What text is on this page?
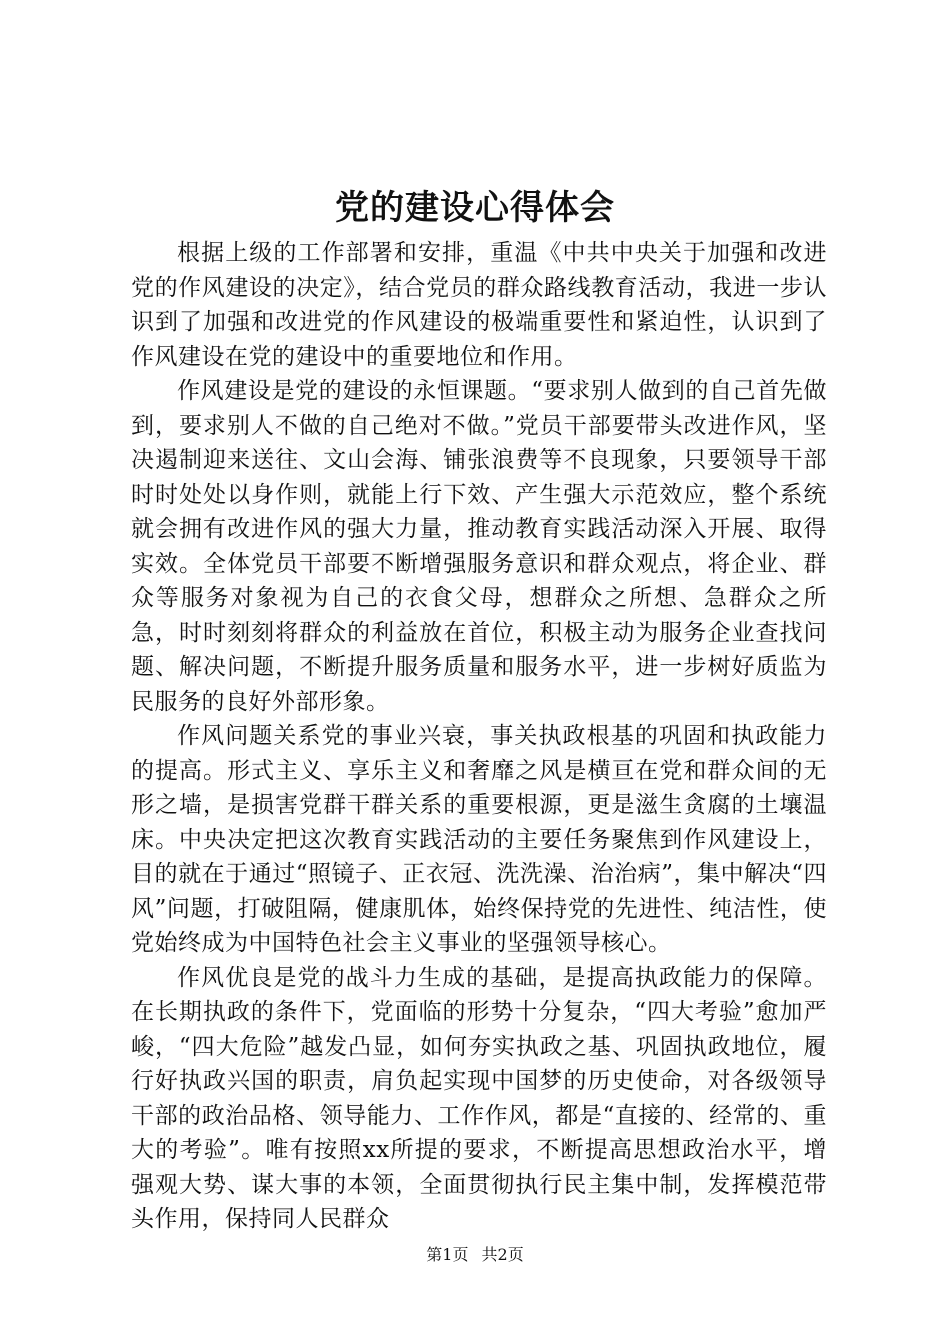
党的建设心得体会

根据上级的工作部署和安排，重温《中共中央关于加强和改进党的作风建设的决定》，结合党员的群众路线教育活动，我进一步认识到了加强和改进党的作风建设的极端重要性和紧迫性，认识到了作风建设在党的建设中的重要地位和作用。

作风建设是党的建设的永恒课题。“要求别人做到的自己首先做到，要求别人不做的自己绝对不做。”党员干部要带头改进作风，坚决遏制迎来送往、文山会海、铺张浪费等不良现象，只要领导干部时时处处以身作则，就能上行下效、产生强大示范效应，整个系统就会拥有改进作风的强大力量，推动教育实践活动深入开展、取得实效。全体党员干部要不断增强服务意识和群众观点，将企业、群众等服务对象视为自己的衣食父母，想群众之所想、急群众之所急，时时刻刻将群众的利益放在首位，积极主动为服务企业查找问题、解决问题，不断提升服务质量和服务水平，进一步树好质监为民服务的良好外部形象。

作风问题关系党的事业兴衰，事关执政根基的巩固和执政能力的提高。形式主义、享乐主义和奢靡之风是横亘在党和群众间的无形之墙，是损害党群干群关系的重要根源，更是滋生贪腐的土壤温床。中央决定把这次教育实践活动的主要任务聚焦到作风建设上，目的就在于通过“照镜子、正衣冠、洗洗澡、治治病”，集中解决“四风”问题，打破阻隔，健康肌体，始终保持党的先进性、纯洁性，使党始终成为中国特色社会主义事业的坚强领导核心。

作风优良是党的战斗力生成的基础，是提高执政能力的保障。在长期执政的条件下，党面临的形势十分复杂，“四大考验”愈加严峻，“四大危险”越发凸显，如何夯实执政之基、巩固执政地位，履行好执政兴国的职责，肩负起实现中国梦的历史使命，对各级领导干部的政治品格、领导能力、工作作风，都是“直接的、经常的、重大的考验”。唯有按照xx所提的要求，不断提高思想政治水平，增强观大势、谋大事的本领，全面贯彻执行民主集中制，发挥模范带头作用，保持同人民群众

第1页 共2页
